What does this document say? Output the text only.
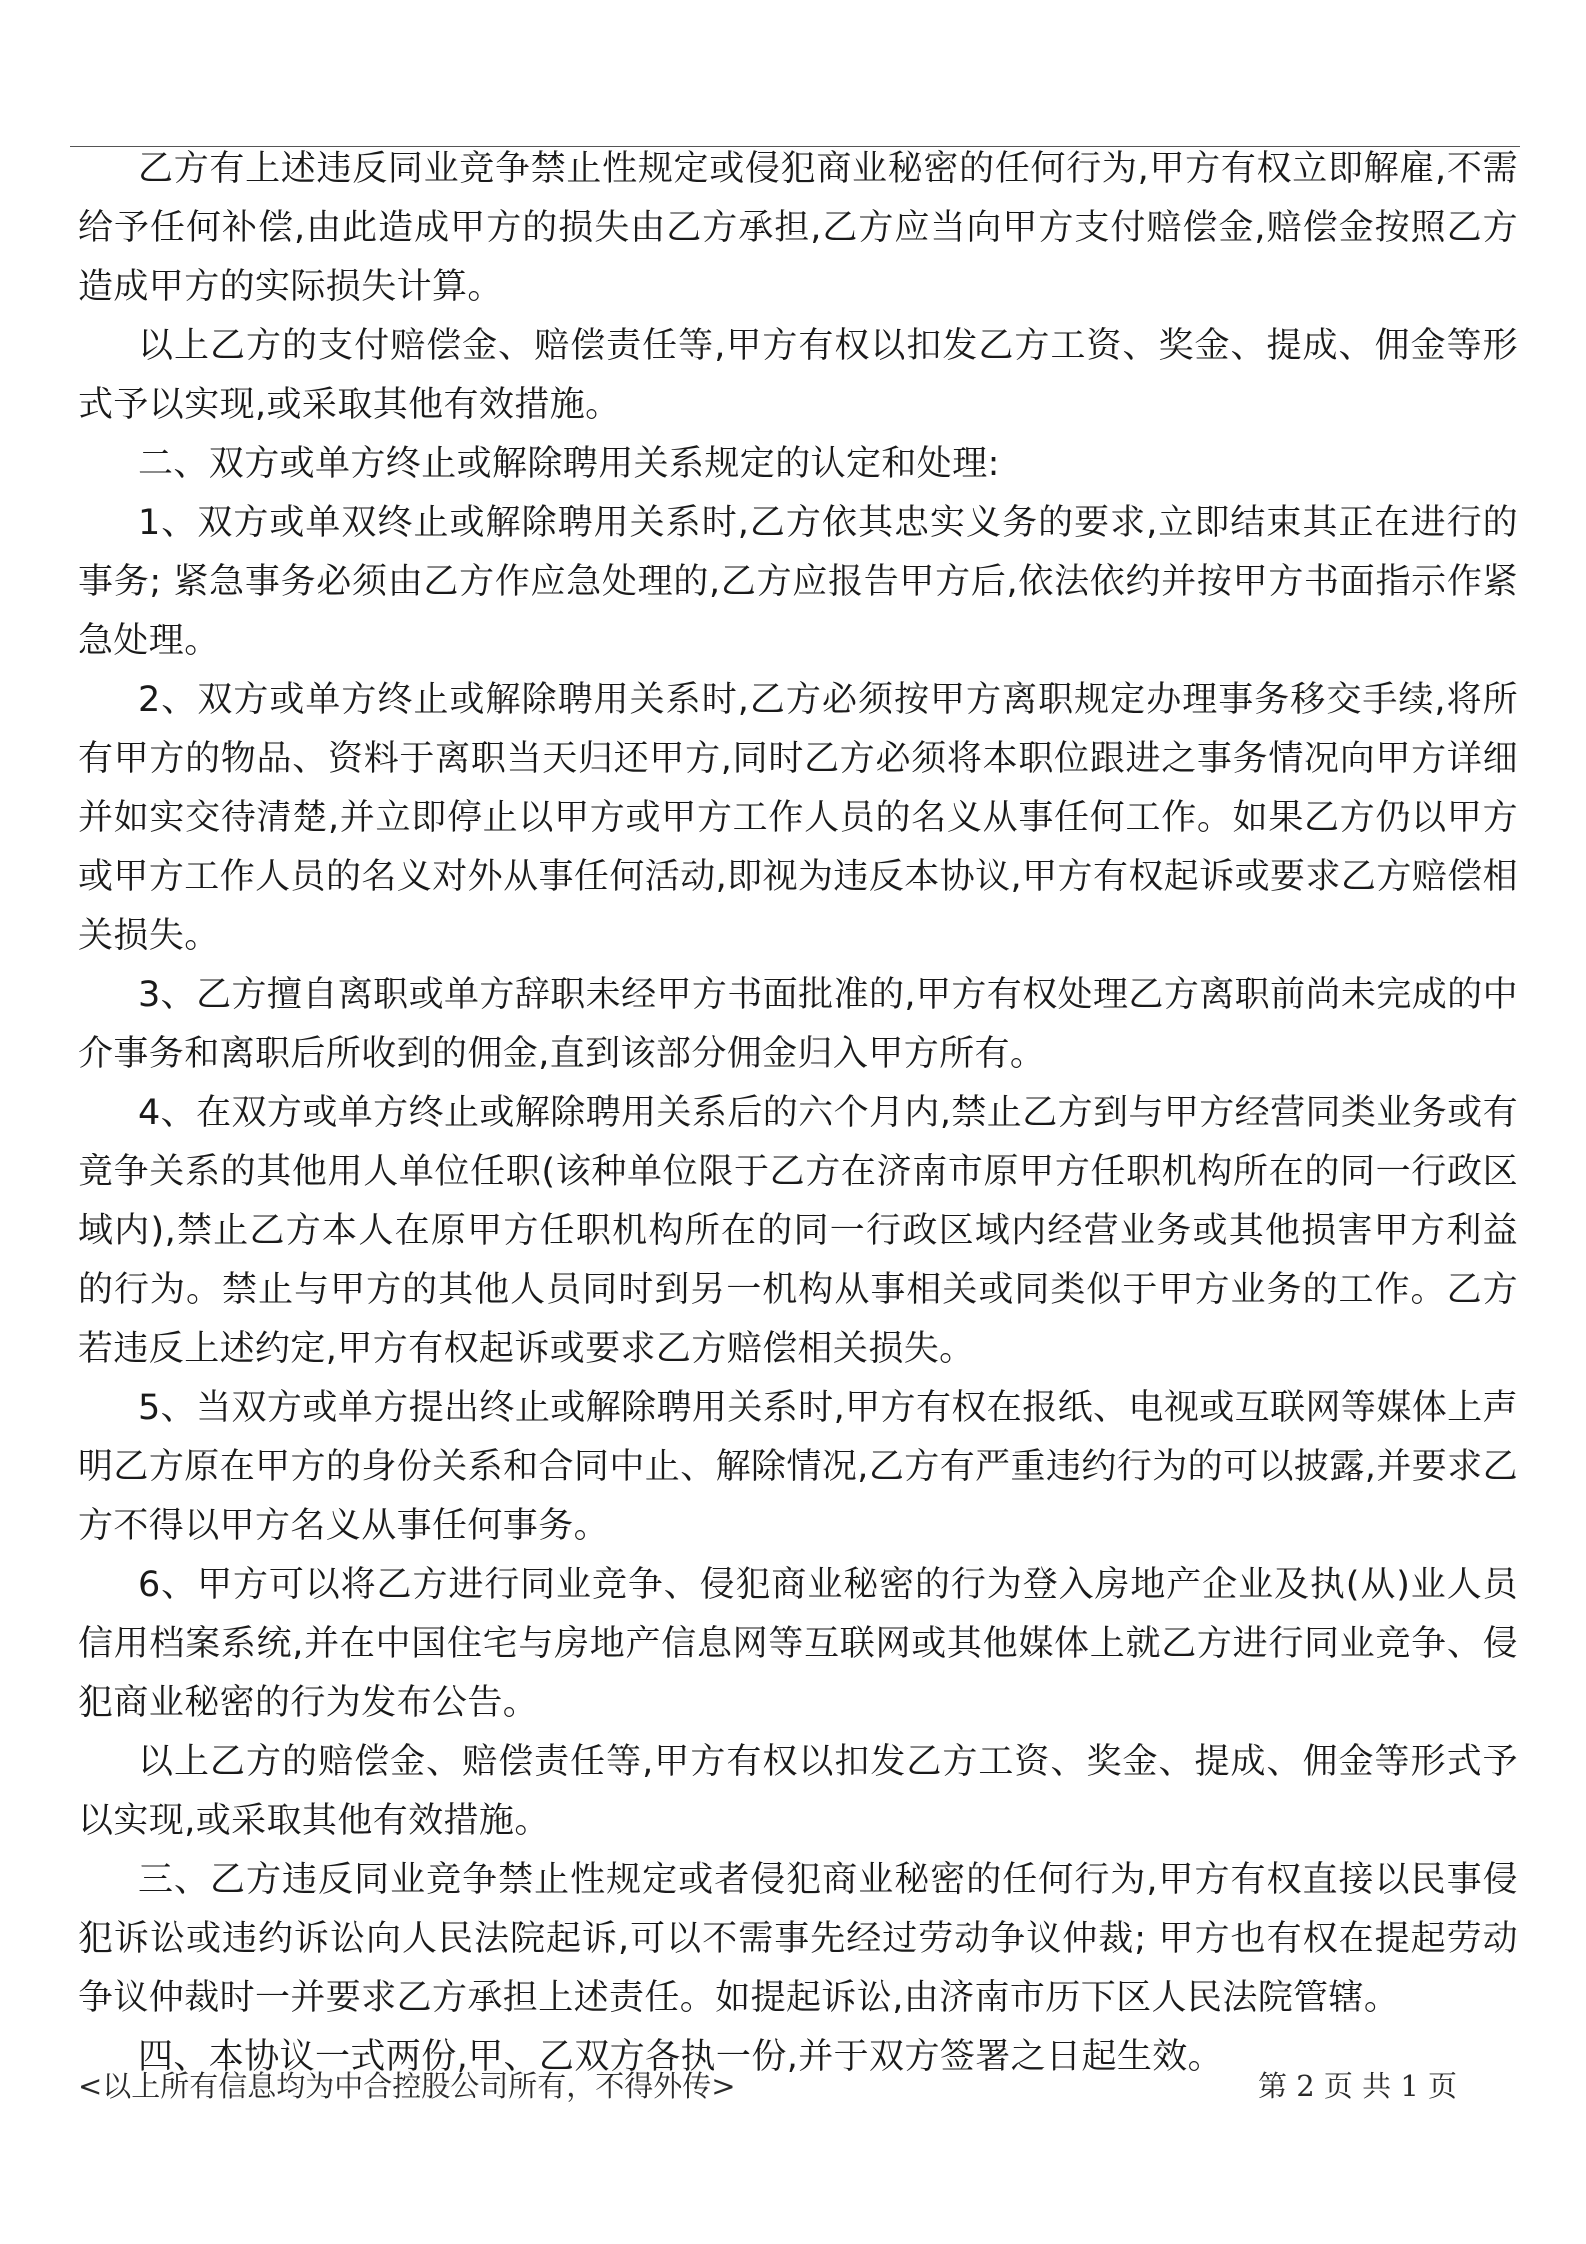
乙方有上述违反同业竞争禁止性规定或侵犯商业秘密的任何行为,甲方有权立即解雇,不需给予任何补偿,由此造成甲方的损失由乙方承担,乙方应当向甲方支付赔偿金,赔偿金按照乙方造成甲方的实际损失计算。

以上乙方的支付赔偿金、赔偿责任等,甲方有权以扣发乙方工资、奖金、提成、佣金等形式予以实现,或采取其他有效措施。

二、双方或单方终止或解除聘用关系规定的认定和处理:

1、双方或单双终止或解除聘用关系时,乙方依其忠实义务的要求,立即结束其正在进行的事务; 紧急事务必须由乙方作应急处理的,乙方应报告甲方后,依法依约并按甲方书面指示作紧急处理。

2、双方或单方终止或解除聘用关系时,乙方必须按甲方离职规定办理事务移交手续,将所有甲方的物品、资料于离职当天归还甲方,同时乙方必须将本职位跟进之事务情况向甲方详细并如实交待清楚,并立即停止以甲方或甲方工作人员的名义从事任何工作。如果乙方仍以甲方或甲方工作人员的名义对外从事任何活动,即视为违反本协议,甲方有权起诉或要求乙方赔偿相关损失。

3、乙方擅自离职或单方辞职未经甲方书面批准的,甲方有权处理乙方离职前尚未完成的中介事务和离职后所收到的佣金,直到该部分佣金归入甲方所有。

4、在双方或单方终止或解除聘用关系后的六个月内,禁止乙方到与甲方经营同类业务或有竟争关系的其他用人单位任职(该种单位限于乙方在济南市原甲方任职机构所在的同一行政区域内),禁止乙方本人在原甲方任职机构所在的同一行政区域内经营业务或其他损害甲方利益的行为。禁止与甲方的其他人员同时到另一机构从事相关或同类似于甲方业务的工作。乙方若违反上述约定,甲方有权起诉或要求乙方赔偿相关损失。

5、当双方或单方提出终止或解除聘用关系时,甲方有权在报纸、电视或互联网等媒体上声明乙方原在甲方的身份关系和合同中止、解除情况,乙方有严重违约行为的可以披露,并要求乙方不得以甲方名义从事任何事务。

6、甲方可以将乙方进行同业竞争、侵犯商业秘密的行为登入房地产企业及执(从)业人员信用档案系统,并在中国住宅与房地产信息网等互联网或其他媒体上就乙方进行同业竞争、侵犯商业秘密的行为发布公告。

以上乙方的赔偿金、赔偿责任等,甲方有权以扣发乙方工资、奖金、提成、佣金等形式予以实现,或采取其他有效措施。

三、乙方违反同业竞争禁止性规定或者侵犯商业秘密的任何行为,甲方有权直接以民事侵犯诉讼或违约诉讼向人民法院起诉,可以不需事先经过劳动争议仲裁; 甲方也有权在提起劳动争议仲裁时一并要求乙方承担上述责任。如提起诉讼,由济南市历下区人民法院管辖。

四、本协议一式两份,甲、乙双方各执一份,并于双方签署之日起生效。

<以上所有信息均为中合控股公司所有，不得外传>	第 2 页 共 1 页
